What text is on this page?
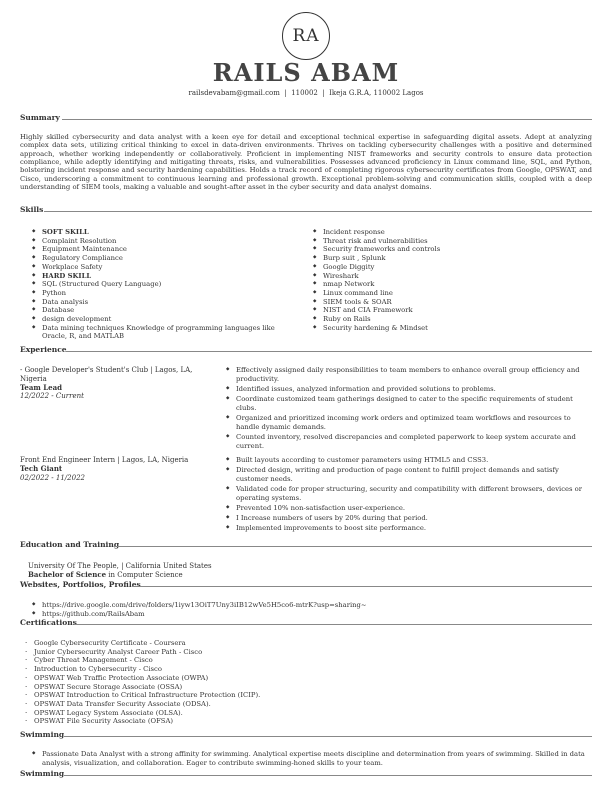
RA
RAILS ABAM
railsdevabam@gmail.com | 110002 | Ikeja G.R.A, 110002 Lagos
Summary
Highly skilled cybersecurity and data analyst with a keen eye for detail and exceptional technical expertise in safeguarding digital assets. Adept at analyzing complex data sets, utilizing critical thinking to excel in data-driven environments. Thrives on tackling cybersecurity challenges with a positive and determined approach, whether working independently or collaboratively. Proficient in implementing NIST frameworks and security controls to ensure data protection compliance, while adeptly identifying and mitigating threats, risks, and vulnerabilities. Possesses advanced proficiency in Linux command line, SQL, and Python, bolstering incident response and security hardening capabilities. Holds a track record of completing rigorous cybersecurity certificates from Google, OPSWAT, and Cisco, underscoring a commitment to continuous learning and professional growth. Exceptional problem-solving and communication skills, coupled with a deep understanding of SIEM tools, making a valuable and sought-after asset in the cyber security and data analyst domains.
Skills
◆ SOFT SKILL
◆ Complaint Resolution
◆ Equipment Maintenance
◆ Regulatory Compliance
◆ Workplace Safety
◆ HARD SKILL
◆ SQL (Structured Query Language)
◆ Python
◆ Data analysis
◆ Database
◆ design development
◆ Data mining techniques Knowledge of programming languages like Oracle, R, and MATLAB
◆ Incident response
◆ Threat risk and vulnerabilities
◆ Security frameworks and controls
◆ Burp suit , Splunk
◆ Google Diggity
◆ Wireshark
◆ nmap Network
◆ Linux command line
◆ SIEM tools & SOAR
◆ NIST and CIA Framework
◆ Ruby on Rails
◆ Security hardening & Mindset
Experience
- Google Developer's Student's Club | Lagos, LA, Nigeria
Team Lead
12/2022 - Current
◆ Effectively assigned daily responsibilities to team members to enhance overall group efficiency and productivity.
◆ Identified issues, analyzed information and provided solutions to problems.
◆ Coordinate customized team gatherings designed to cater to the specific requirements of student clubs.
◆ Organized and prioritized incoming work orders and optimized team workflows and resources to handle dynamic demands.
◆ Counted inventory, resolved discrepancies and completed paperwork to keep system accurate and current.
Front End Engineer Intern | Lagos, LA, Nigeria
Tech Giant
02/2022 - 11/2022
◆ Built layouts according to customer parameters using HTML5 and CSS3.
◆ Directed design, writing and production of page content to fulfill project demands and satisfy customer needs.
◆ Validated code for proper structuring, security and compatibility with different browsers, devices or operating systems.
◆ Prevented 10% non-satisfaction user-experience.
◆ I Increase numbers of users by 20% during that period.
◆ Implemented improvements to boost site performance.
Education and Training
University Of The People, | California United States
Bachelor of Science in Computer Science
Websites, Portfolios, Profiles
◆ https://drive.google.com/drive/folders/1iyw13OiT7Uny3iIB12wVe5H5co6-mtrK?usp=sharing~
◆ https://github.com/RailsAbam
Certifications
· Google Cybersecurity Certificate - Coursera
· Junior Cybersecurity Analyst Career Path - Cisco
· Cyber Threat Management - Cisco
· Introduction to Cybersecurity - Cisco
· OPSWAT Web Traffic Protection Associate (OWPA)
· OPSWAT Secure Storage Associate (OSSA)
· OPSWAT Introduction to Critical Infrastructure Protection (ICIP).
· OPSWAT Data Transfer Security Associate (ODSA).
· OPSWAT Legacy System Associate (OLSA).
· OPSWAT File Security Associate (OFSA)
Swimming
◆ Passionate Data Analyst with a strong affinity for swimming. Analytical expertise meets discipline and determination from years of swimming. Skilled in data analysis, visualization, and collaboration. Eager to contribute swimming-honed skills to your team.
Swimming
